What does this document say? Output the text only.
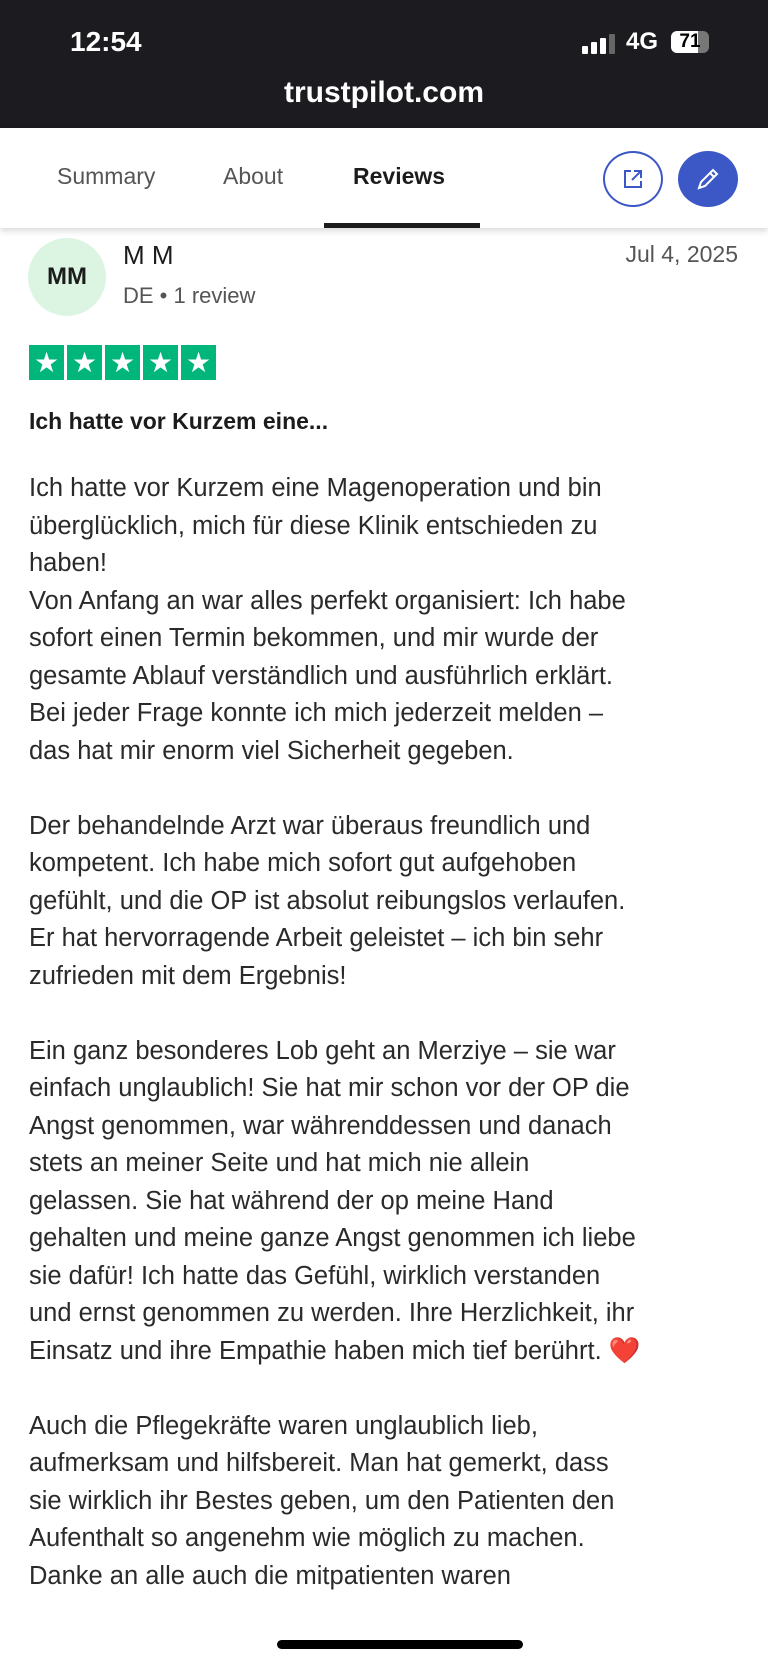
12:54	4G	71
trustpilot.com
Summary	About	Reviews
MM
M M
DE • 1 review
Jul 4, 2025
★ ★ ★ ★ ★
Ich hatte vor Kurzem eine...
Ich hatte vor Kurzem eine Magenoperation und bin
überglücklich, mich für diese Klinik entschieden zu
haben!
Von Anfang an war alles perfekt organisiert: Ich habe
sofort einen Termin bekommen, und mir wurde der
gesamte Ablauf verständlich und ausführlich erklärt.
Bei jeder Frage konnte ich mich jederzeit melden –
das hat mir enorm viel Sicherheit gegeben.
Der behandelnde Arzt war überaus freundlich und
kompetent. Ich habe mich sofort gut aufgehoben
gefühlt, und die OP ist absolut reibungslos verlaufen.
Er hat hervorragende Arbeit geleistet – ich bin sehr
zufrieden mit dem Ergebnis!
Ein ganz besonderes Lob geht an Merziye – sie war
einfach unglaublich! Sie hat mir schon vor der OP die
Angst genommen, war währenddessen und danach
stets an meiner Seite und hat mich nie allein
gelassen. Sie hat während der op meine Hand
gehalten und meine ganze Angst genommen ich liebe
sie dafür! Ich hatte das Gefühl, wirklich verstanden
und ernst genommen zu werden. Ihre Herzlichkeit, ihr
Einsatz und ihre Empathie haben mich tief berührt. ❤️
Auch die Pflegekräfte waren unglaublich lieb,
aufmerksam und hilfsbereit. Man hat gemerkt, dass
sie wirklich ihr Bestes geben, um den Patienten den
Aufenthalt so angenehm wie möglich zu machen.
Danke an alle auch die mitpatienten waren
